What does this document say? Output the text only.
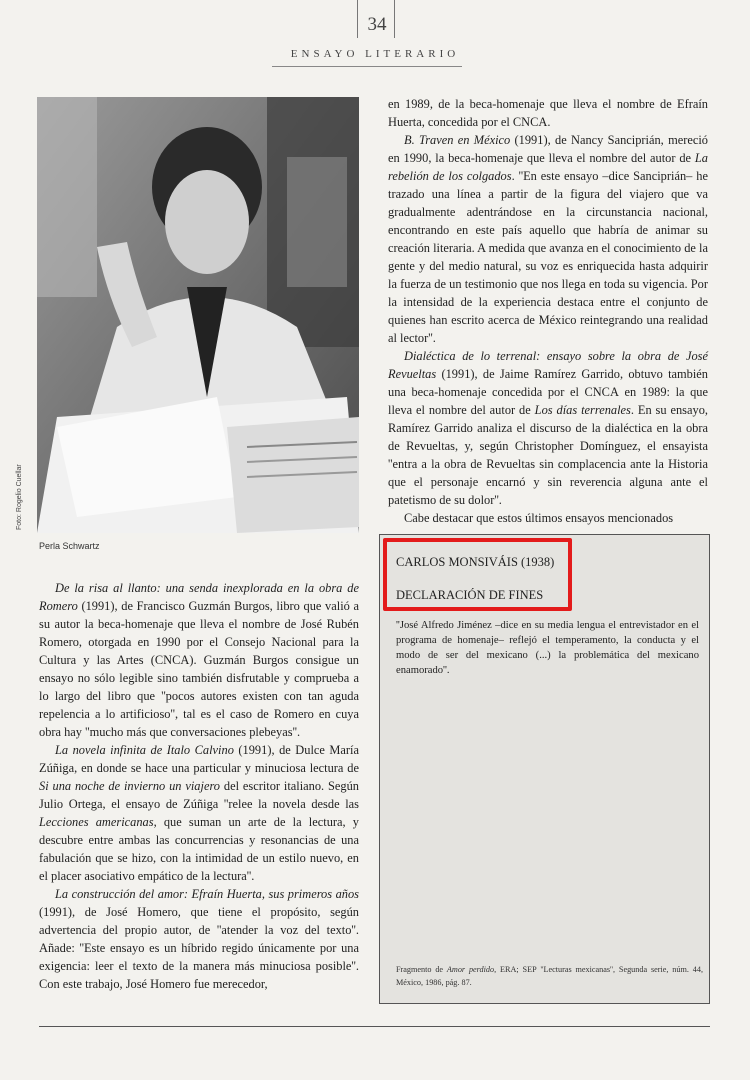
34
ENSAYO LITERARIO
Foto: Rogelio Cuellar
Perla Schwartz

en 1989, de la beca-homenaje que lleva el nombre de Efraín Huerta, concedida por el CNCA.

B. Traven en México (1991), de Nancy Sanciprián, mereció en 1990, la beca-homenaje que lleva el nombre del autor de La rebelión de los colgados. ''En este ensayo –dice Sanciprián– he trazado una línea a partir de la figura del viajero que va gradualmente adentrándose en la circunstancia nacional, encontrando en este país aquello que habría de animar su creación literaria. A medida que avanza en el conocimiento de la gente y del medio natural, su voz es enriquecida hasta adquirir la fuerza de un testimonio que nos llega en toda su vigencia. Por la intensidad de la experiencia destaca entre el conjunto de quienes han escrito acerca de México reintegrando una realidad al lector''.

Dialéctica de lo terrenal: ensayo sobre la obra de José Revueltas (1991), de Jaime Ramírez Garrido, obtuvo también una beca-homenaje concedida por el CNCA en 1989: la que lleva el nombre del autor de Los días terrenales. En su ensayo, Ramírez Garrido analiza el discurso de la dialéctica en la obra de Revueltas, y, según Christopher Domínguez, el ensayista ''entra a la obra de Revueltas sin complacencia ante la Historia que el personaje encarnó y sin reverencia alguna ante el patetismo de su dolor''.

Cabe destacar que estos últimos ensayos mencionados

De la risa al llanto: una senda inexplorada en la obra de Romero (1991), de Francisco Guzmán Burgos, libro que valió a su autor la beca-homenaje que lleva el nombre de José Rubén Romero, otorgada en 1990 por el Consejo Nacional para la Cultura y las Artes (CNCA). Guzmán Burgos consigue un ensayo no sólo legible sino también disfrutable y comprueba a lo largo del libro que ''pocos autores existen con tan aguda repelencia a lo artificioso'', tal es el caso de Romero en cuya obra hay ''mucho más que conversaciones plebeyas''.

La novela infinita de Italo Calvino (1991), de Dulce María Zúñiga, en donde se hace una particular y minuciosa lectura de Si una noche de invierno un viajero del escritor italiano. Según Julio Ortega, el ensayo de Zúñiga ''relee la novela desde las Lecciones americanas, que suman un arte de la lectura, y descubre entre ambas las concurrencias y resonancias de una fabulación que se hizo, con la intimidad de un estilo nuevo, en el placer asociativo empático de la lectura''.

La construcción del amor: Efraín Huerta, sus primeros años (1991), de José Homero, que tiene el propósito, según advertencia del propio autor, de ''atender la voz del texto''. Añade: ''Este ensayo es un híbrido regido únicamente por una exigencia: leer el texto de la manera más minuciosa posible''. Con este trabajo, José Homero fue merecedor,

CARLOS MONSIVÁIS (1938)
DECLARACIÓN DE FINES
''José Alfredo Jiménez –dice en su media lengua el entrevistador en el programa de homenaje– reflejó el temperamento, la conducta y el modo de ser del mexicano (...) la problemática del mexicano enamorado''.
Fragmento de Amor perdido, ERA; SEP ''Lecturas mexicanas'', Segunda serie, núm. 44, México, 1986, pág. 87.
